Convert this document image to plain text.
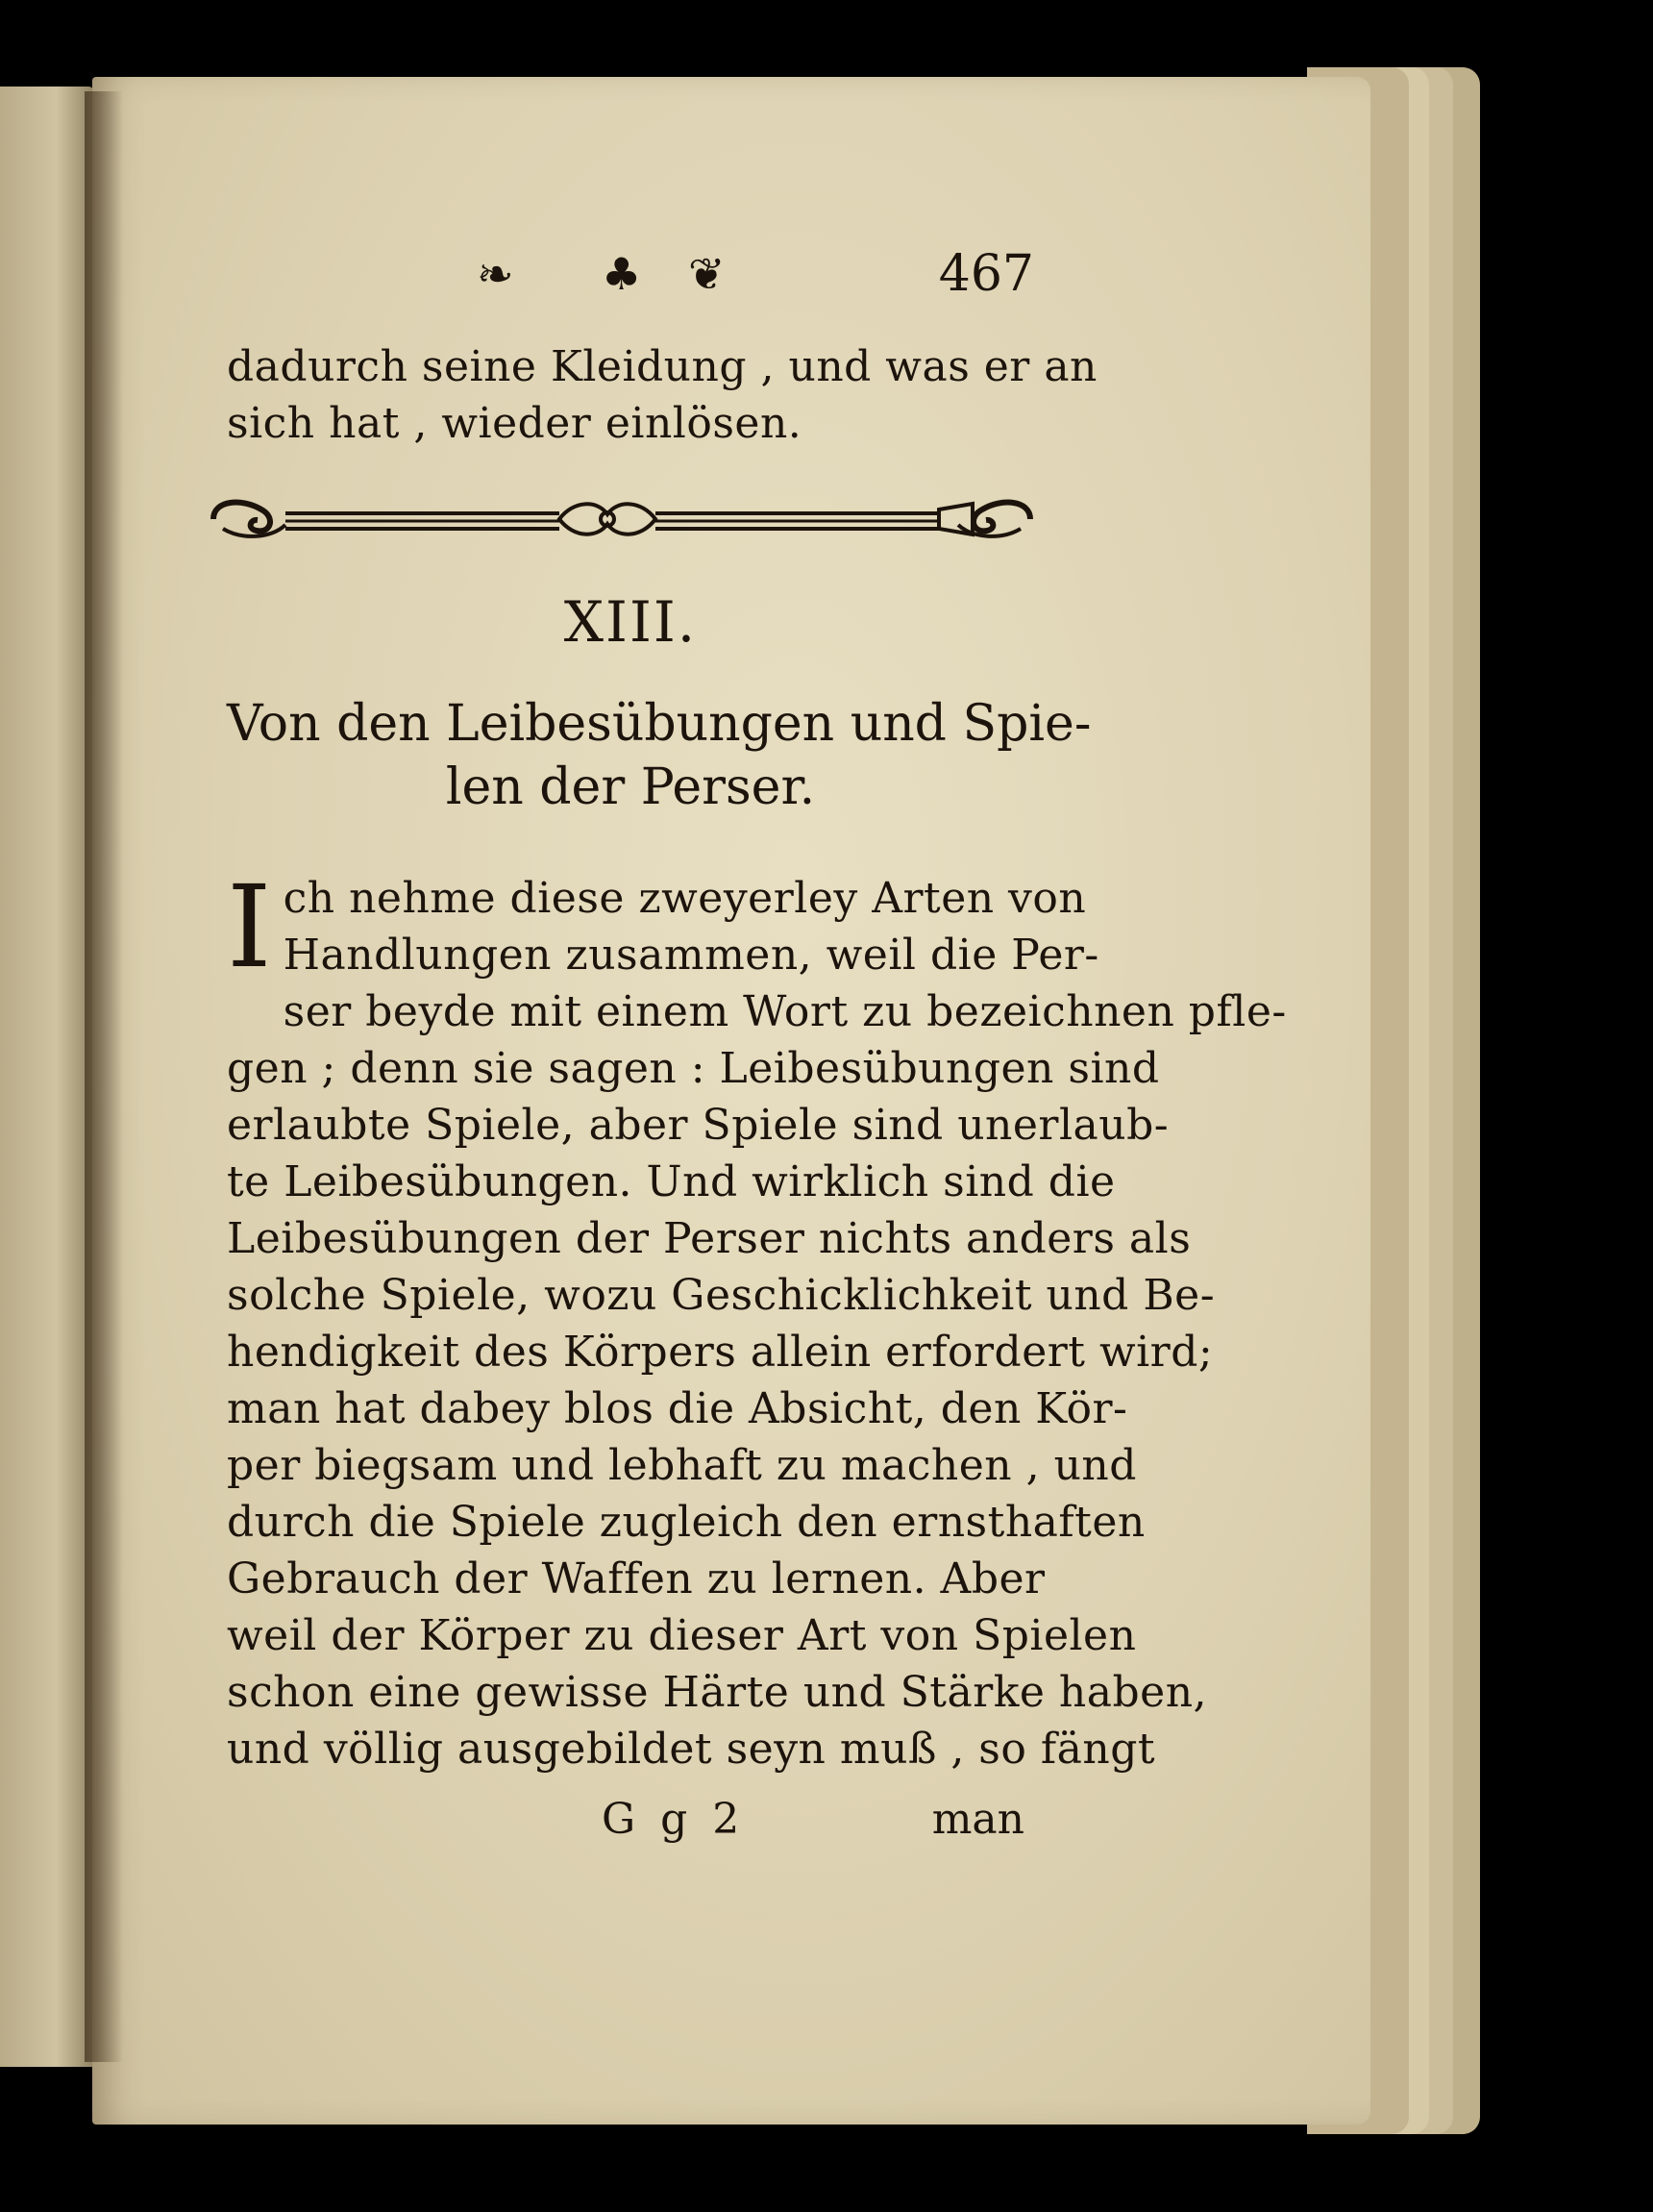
❧ ♣ ❦	467
dadurch seine Kleidung , und was er an
sich hat , wieder einlösen.
XIII.
Von den Leibesübungen und Spie-
len der Perser.
I ch nehme diese zweyerley Arten von
Handlungen zusammen, weil die Per-
ser beyde mit einem Wort zu bezeichnen pfle-
gen ; denn sie sagen : Leibesübungen sind
erlaubte Spiele, aber Spiele sind unerlaub-
te Leibesübungen. Und wirklich sind die
Leibesübungen der Perser nichts anders als
solche Spiele, wozu Geschicklichkeit und Be-
hendigkeit des Körpers allein erfordert wird;
man hat dabey blos die Absicht, den Kör-
per biegsam und lebhaft zu machen , und
durch die Spiele zugleich den ernsthaften
Gebrauch der Waffen zu lernen. Aber
weil der Körper zu dieser Art von Spielen
schon eine gewisse Härte und Stärke haben,
und völlig ausgebildet seyn muß , so fängt
G g 2	man
